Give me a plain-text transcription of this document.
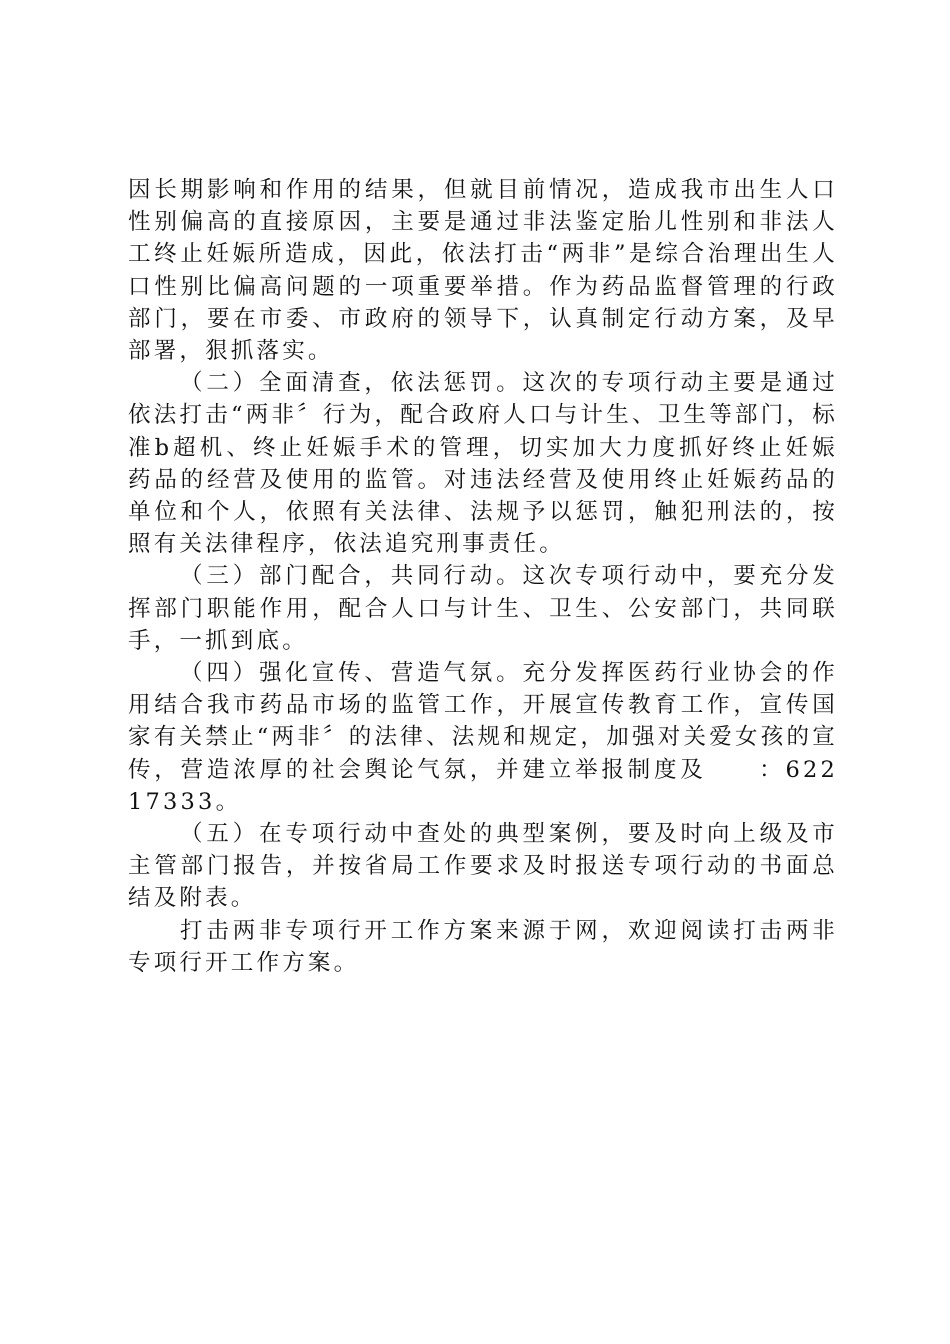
因长期影响和作用的结果，但就目前情况，造成我市出生人口性别偏高的直接原因，主要是通过非法鉴定胎儿性别和非法人工终止妊娠所造成，因此，依法打击“两非”是综合治理出生人口性别比偏高问题的一项重要举措。作为药品监督管理的行政部门，要在市委、市政府的领导下，认真制定行动方案，及早部署，狠抓落实。

（二）全面清查，依法惩罚。这次的专项行动主要是通过依法打击“两非〞行为，配合政府人口与计生、卫生等部门，标准b超机、终止妊娠手术的管理，切实加大力度抓好终止妊娠药品的经营及使用的监管。对违法经营及使用终止妊娠药品的单位和个人，依照有关法律、法规予以惩罚，触犯刑法的，按照有关法律程序，依法追究刑事责任。

（三）部门配合，共同行动。这次专项行动中，要充分发挥部门职能作用，配合人口与计生、卫生、公安部门，共同联手，一抓到底。

（四）强化宣传、营造气氛。充分发挥医药行业协会的作用结合我市药品市场的监管工作，开展宣传教育工作，宣传国家有关禁止“两非〞的法律、法规和规定，加强对关爱女孩的宣传，营造浓厚的社会舆论气氛，并建立举报制度及　　：62217333。

（五）在专项行动中查处的典型案例，要及时向上级及市主管部门报告，并按省局工作要求及时报送专项行动的书面总结及附表。

打击两非专项行开工作方案来源于网，欢迎阅读打击两非专项行开工作方案。
